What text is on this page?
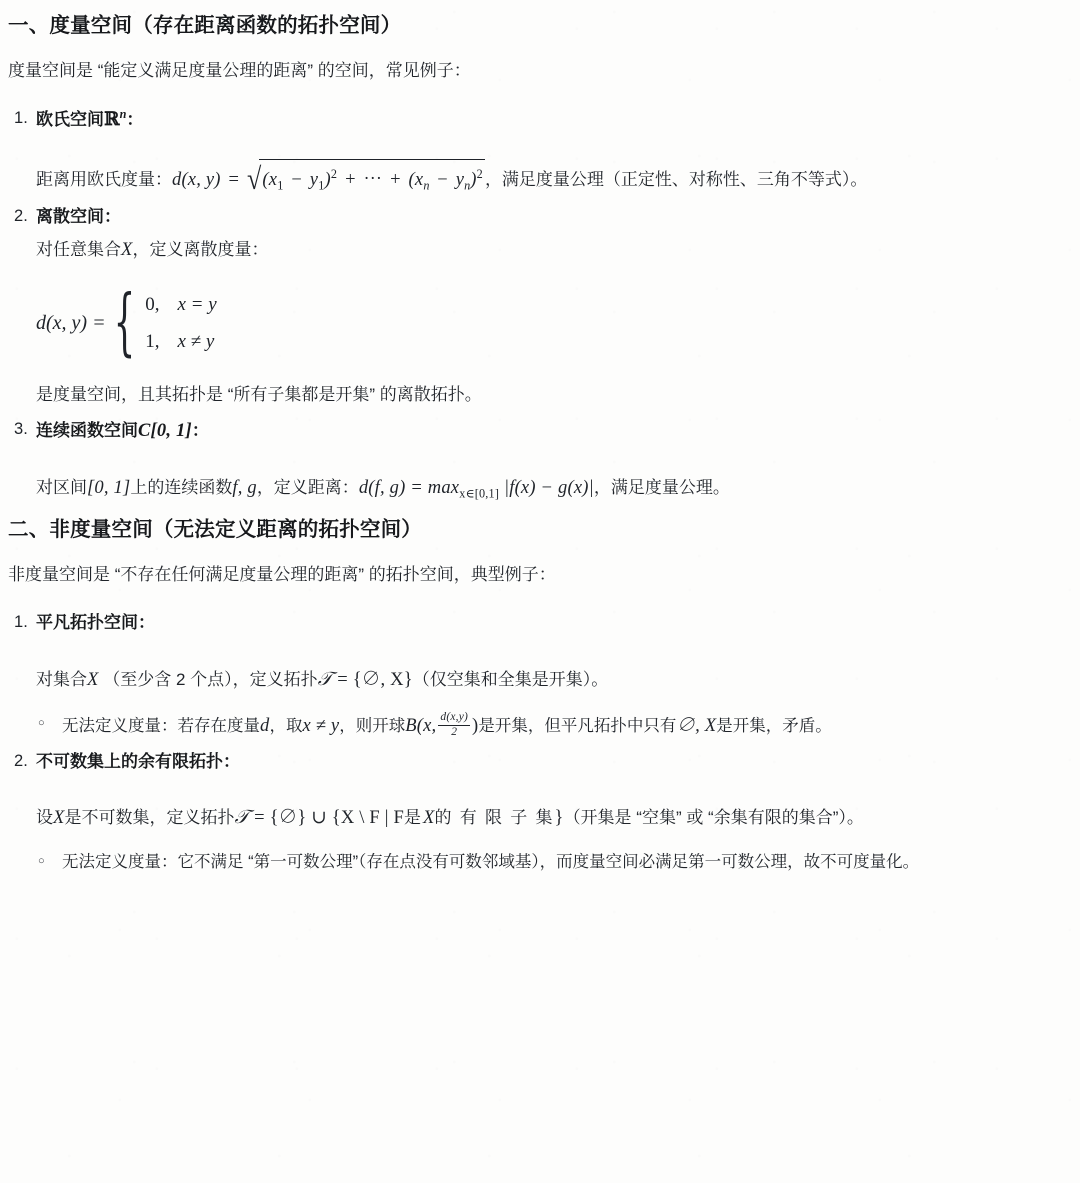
一、度量空间（存在距离函数的拓扑空间）

度量空间是 “能定义满足度量公理的距离” 的空间，常见例子：

欧氏空间ℝ$^n$：

距离用欧氏度量：d(x, $y) = √(x_1 - y_1)^2$ + ⋯ + $(x_n - y_n)^2$ ，满足度量公理（正定性、对称性、三角不等式）。

离散空间：

对任意集合X，定义离散度量：

d(x, y) = { 0, x = y
1, x ≠ y

是度量空间，且其拓扑是 “所有子集都是开集” 的离散拓扑。

连续函数空间C[0, 1]：

对区间[0, 1]上的连续函数f, g，定义距离：d(f, $g) = \max_{x\in[0,1]} |f(x) - g(x)|$，满足度量公理。

二、非度量空间（无法定义距离的拓扑空间）

非度量空间是 “不存在任何满足度量公理的距离” 的拓扑空间，典型例子：

平凡拓扑空间：

对集合X （至少含 2 个点），定义拓扑𝒯 = {∅, X}（仅空集和全集是开集）。

○ 无法定义度量：若存在度量d，取x ≠ y，则开球B(x, $\frac{d(x,y)}{2}$ )是开集，但平凡拓扑中只有∅, X是开集，矛盾。
不可数集上的余有限拓扑：

设X是不可数集，定义拓扑𝒯 = {∅} ∪ {X \ F | F是X的 有 限 子 集}（开集是 “空集” 或 “余集有限的集合”）。

○ 无法定义度量：它不满足 “第一可数公理”（存在点没有可数邻域基），而度量空间必满足第一可数公理，故不可度量化。
